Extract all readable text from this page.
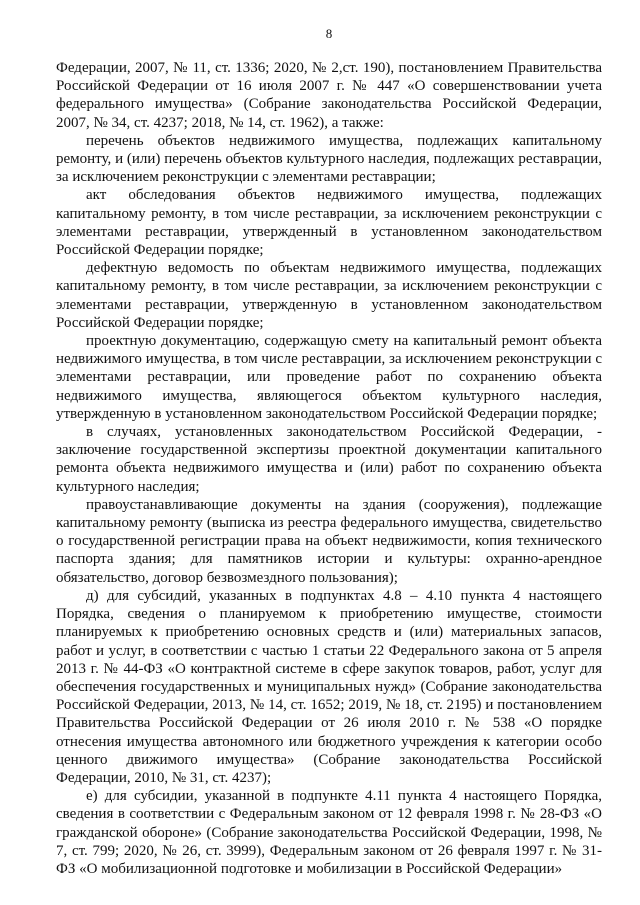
8

Федерации, 2007, № 11, ст. 1336; 2020, № 2,ст. 190), постановлением Правительства Российской Федерации от 16 июля 2007 г. № 447 «О совершенствовании учета федерального имущества» (Собрание законодательства Российской Федерации, 2007, № 34, ст. 4237; 2018, № 14, ст. 1962), а также:

перечень объектов недвижимого имущества, подлежащих капитальному ремонту, и (или) перечень объектов культурного наследия, подлежащих реставрации, за исключением реконструкции с элементами реставрации;

акт обследования объектов недвижимого имущества, подлежащих капитальному ремонту, в том числе реставрации, за исключением реконструкции с элементами реставрации, утвержденный в установленном законодательством Российской Федерации порядке;

дефектную ведомость по объектам недвижимого имущества, подлежащих капитальному ремонту, в том числе реставрации, за исключением реконструкции с элементами реставрации, утвержденную в установленном законодательством Российской Федерации порядке;

проектную документацию, содержащую смету на капитальный ремонт объекта недвижимого имущества, в том числе реставрации, за исключением реконструкции с элементами реставрации, или проведение работ по сохранению объекта недвижимого имущества, являющегося объектом культурного наследия, утвержденную в установленном законодательством Российской Федерации порядке;

в случаях, установленных законодательством Российской Федерации, - заключение государственной экспертизы проектной документации капитального ремонта объекта недвижимого имущества и (или) работ по сохранению объекта культурного наследия;

правоустанавливающие документы на здания (сооружения), подлежащие капитальному ремонту (выписка из реестра федерального имущества, свидетельство о государственной регистрации права на объект недвижимости, копия технического паспорта здания; для памятников истории и культуры: охранно-арендное обязательство, договор безвозмездного пользования);

д) для субсидий, указанных в подпунктах 4.8 – 4.10 пункта 4 настоящего Порядка, сведения о планируемом к приобретению имуществе, стоимости планируемых к приобретению основных средств и (или) материальных запасов, работ и услуг, в соответствии с частью 1 статьи 22 Федерального закона от 5 апреля 2013 г. № 44-ФЗ «О контрактной системе в сфере закупок товаров, работ, услуг для обеспечения государственных и муниципальных нужд» (Собрание законодательства Российской Федерации, 2013, № 14, ст. 1652; 2019, № 18, ст. 2195) и постановлением Правительства Российской Федерации от 26 июля 2010 г. № 538 «О порядке отнесения имущества автономного или бюджетного учреждения к категории особо ценного движимого имущества» (Собрание законодательства Российской Федерации, 2010, № 31, ст. 4237);

е) для субсидии, указанной в подпункте 4.11 пункта 4 настоящего Порядка, сведения в соответствии с Федеральным законом от 12 февраля 1998 г. № 28-ФЗ «О гражданской обороне» (Собрание законодательства Российской Федерации, 1998, № 7, ст. 799; 2020, № 26, ст. 3999), Федеральным законом от 26 февраля 1997 г. № 31-ФЗ «О мобилизационной подготовке и мобилизации в Российской Федерации»
